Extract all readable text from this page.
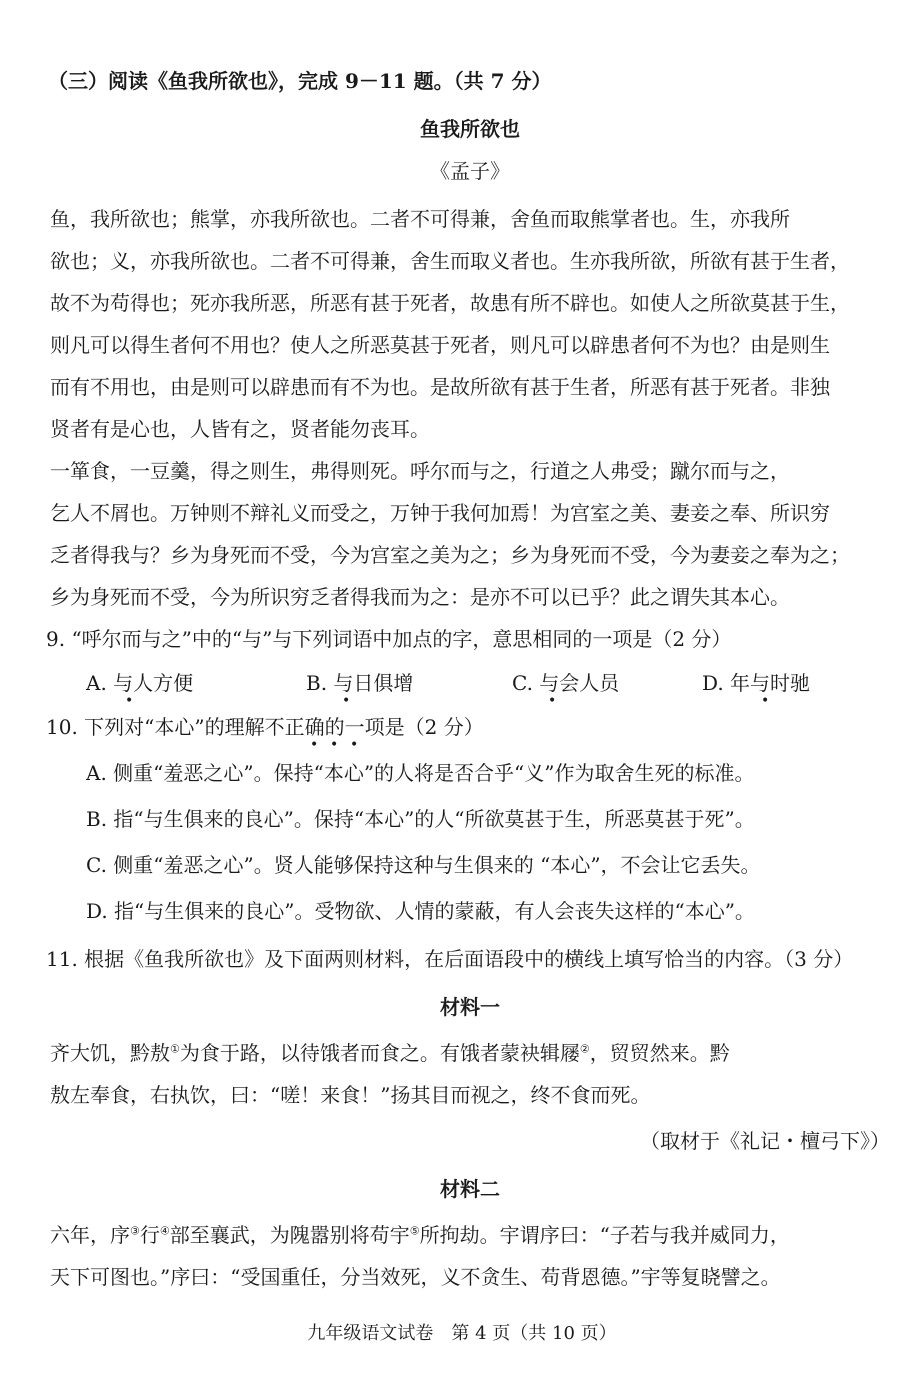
（三）阅读《鱼我所欲也》，完成 9－11 题。（共 7 分）
鱼我所欲也
《孟子》
鱼，我所欲也；熊掌，亦我所欲也。二者不可得兼，舍鱼而取熊掌者也。生，亦我所
欲也；义，亦我所欲也。二者不可得兼，舍生而取义者也。生亦我所欲，所欲有甚于生者，
故不为苟得也；死亦我所恶，所恶有甚于死者，故患有所不辟也。如使人之所欲莫甚于生，
则凡可以得生者何不用也？使人之所恶莫甚于死者，则凡可以辟患者何不为也？由是则生
而有不用也，由是则可以辟患而有不为也。是故所欲有甚于生者，所恶有甚于死者。非独
贤者有是心也，人皆有之，贤者能勿丧耳。
一箪食，一豆羹，得之则生，弗得则死。呼尔而与之，行道之人弗受；蹴尔而与之，
乞人不屑也。万钟则不辩礼义而受之，万钟于我何加焉！为宫室之美、妻妾之奉、所识穷
乏者得我与？乡为身死而不受，今为宫室之美为之；乡为身死而不受，今为妻妾之奉为之；
乡为身死而不受，今为所识穷乏者得我而为之：是亦不可以已乎？此之谓失其本心。
9. “呼尔而与之”中的“与”与下列词语中加点的字，意思相同的一项是（2 分）
A. 与人方便	B. 与日俱增	C. 与会人员	D. 年与时驰
•	•	•	•
10. 下列对“本心”的理解不正确的一项是（2 分）
• • •
A. 侧重“羞恶之心”。保持“本心”的人将是否合乎“义”作为取舍生死的标准。
B. 指“与生俱来的良心”。保持“本心”的人“所欲莫甚于生，所恶莫甚于死”。
C. 侧重“羞恶之心”。贤人能够保持这种与生俱来的 “本心”，不会让它丢失。
D. 指“与生俱来的良心”。受物欲、人情的蒙蔽，有人会丧失这样的“本心”。
11. 根据《鱼我所欲也》及下面两则材料，在后面语段中的横线上填写恰当的内容。（3 分）
材料一
齐大饥，黔敖①为食于路，以待饿者而食之。有饿者蒙袂辑屦②，贸贸然来。黔
敖左奉食，右执饮，曰：“嗟！来食！”扬其目而视之，终不食而死。
（取材于《礼记・檀弓下》）
材料二
六年，序③行④部至襄武，为隗嚣别将苟宇⑤所拘劫。宇谓序曰：“子若与我并威同力，
天下可图也。”序曰：“受国重任，分当效死，义不贪生、苟背恩德。”宇等复晓譬之。
九年级语文试卷　第 4 页（共 10 页）
